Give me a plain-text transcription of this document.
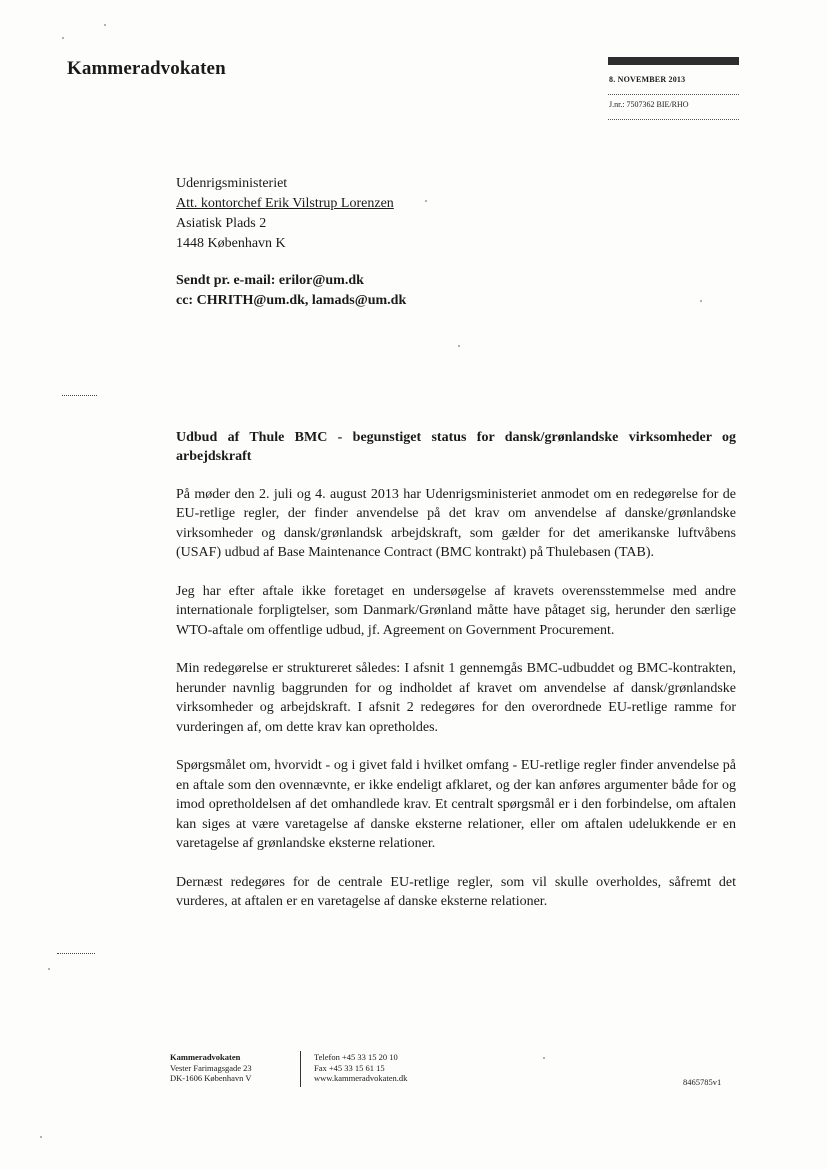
Kammeradvokaten
8. NOVEMBER 2013
J.nr.: 7507362 BIE/RHO
Udenrigsministeriet
Att. kontorchef Erik Vilstrup Lorenzen
Asiatisk Plads 2
1448 København K
Sendt pr. e-mail: erilor@um.dk
cc: CHRITH@um.dk, lamads@um.dk
Udbud af Thule BMC - begunstiget status for dansk/grønlandske virksomheder og arbejdskraft

På møder den 2. juli og 4. august 2013 har Udenrigsministeriet anmodet om en redegørelse for de EU-retlige regler, der finder anvendelse på det krav om anvendelse af danske/grønlandske virksomheder og dansk/grønlandsk arbejdskraft, som gælder for det amerikanske luftvåbens (USAF) udbud af Base Maintenance Contract (BMC kontrakt) på Thulebasen (TAB).

Jeg har efter aftale ikke foretaget en undersøgelse af kravets overensstemmelse med andre internationale forpligtelser, som Danmark/Grønland måtte have påtaget sig, herunder den særlige WTO-aftale om offentlige udbud, jf. Agreement on Government Procurement.

Min redegørelse er struktureret således: I afsnit 1 gennemgås BMC-udbuddet og BMC-kontrakten, herunder navnlig baggrunden for og indholdet af kravet om anvendelse af dansk/grønlandske virksomheder og arbejdskraft. I afsnit 2 redegøres for den overordnede EU-retlige ramme for vurderingen af, om dette krav kan opretholdes.

Spørgsmålet om, hvorvidt - og i givet fald i hvilket omfang - EU-retlige regler finder anvendelse på en aftale som den ovennævnte, er ikke endeligt afklaret, og der kan anføres argumenter både for og imod opretholdelsen af det omhandlede krav. Et centralt spørgsmål er i den forbindelse, om aftalen kan siges at være varetagelse af danske eksterne relationer, eller om aftalen udelukkende er en varetagelse af grønlandske eksterne relationer.

Dernæst redegøres for de centrale EU-retlige regler, som vil skulle overholdes, såfremt det vurderes, at aftalen er en varetagelse af danske eksterne relationer.

Kammeradvokaten
Vester Farimagsgade 23
DK-1606 København V
Telefon +45 33 15 20 10
Fax +45 33 15 61 15
www.kammeradvokaten.dk	8465785v1
